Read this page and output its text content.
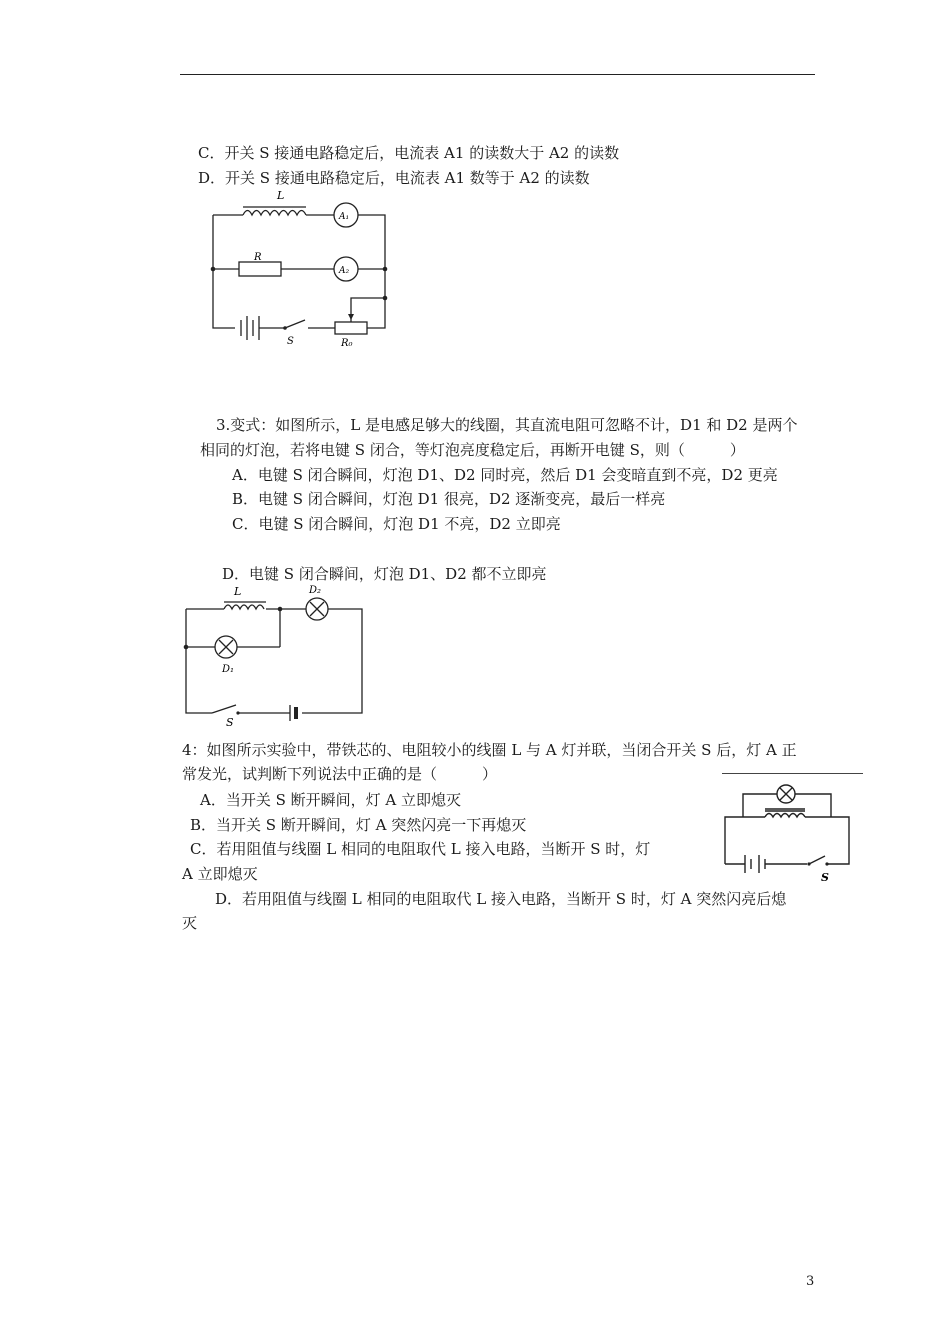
C．开关 S 接通电路稳定后，电流表 A1 的读数大于 A2 的读数
D．开关 S 接通电路稳定后，电流表 A1 数等于 A2 的读数
L
R
A₁
A₂
S	R₀
3.变式：如图所示，L 是电感足够大的线圈，其直流电阻可忽略不计，D1 和 D2 是两个
相同的灯泡，若将电键 S 闭合，等灯泡亮度稳定后，再断开电键 S，则（　　　）
A．电键 S 闭合瞬间，灯泡 D1、D2 同时亮，然后 D1 会变暗直到不亮，D2 更亮
B．电键 S 闭合瞬间，灯泡 D1 很亮，D2 逐渐变亮，最后一样亮
C．电键 S 闭合瞬间，灯泡 D1 不亮，D2 立即亮
D．电键 S 闭合瞬间，灯泡 D1、D2 都不立即亮
L	D₂
D₁
S
4：如图所示实验中，带铁芯的、电阻较小的线圈 L 与 A 灯并联，当闭合开关 S 后，灯 A 正
常发光，试判断下列说法中正确的是（　　　）
A．当开关 S 断开瞬间，灯 A 立即熄灭
B．当开关 S 断开瞬间，灯 A 突然闪亮一下再熄灭
C．若用阻值与线圈 L 相同的电阻取代 L 接入电路，当断开 S 时，灯
A 立即熄灭
D．若用阻值与线圈 L 相同的电阻取代 L 接入电路，当断开 S 时，灯 A 突然闪亮后熄
灭
S
3
